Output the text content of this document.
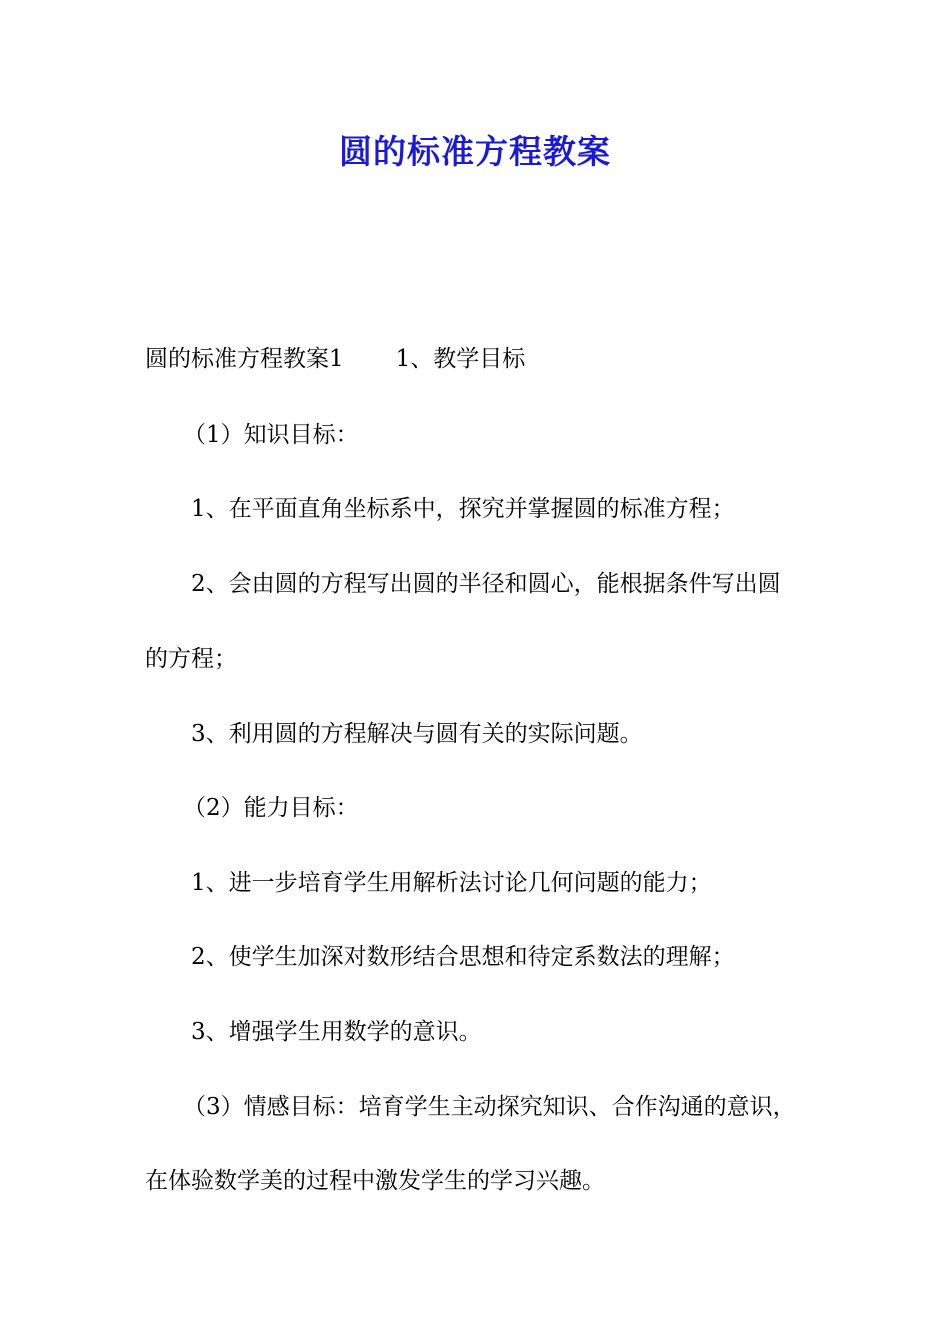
圆的标准方程教案
圆的标准方程教案1 1、教学目标
（1）知识目标：
1、在平面直角坐标系中，探究并掌握圆的标准方程；
2、会由圆的方程写出圆的半径和圆心，能根据条件写出圆
的方程；
3、利用圆的方程解决与圆有关的实际问题。
（2）能力目标：
1、进一步培育学生用解析法讨论几何问题的能力；
2、使学生加深对数形结合思想和待定系数法的理解；
3、增强学生用数学的意识。
（3）情感目标：培育学生主动探究知识、合作沟通的意识，
在体验数学美的过程中激发学生的学习兴趣。
